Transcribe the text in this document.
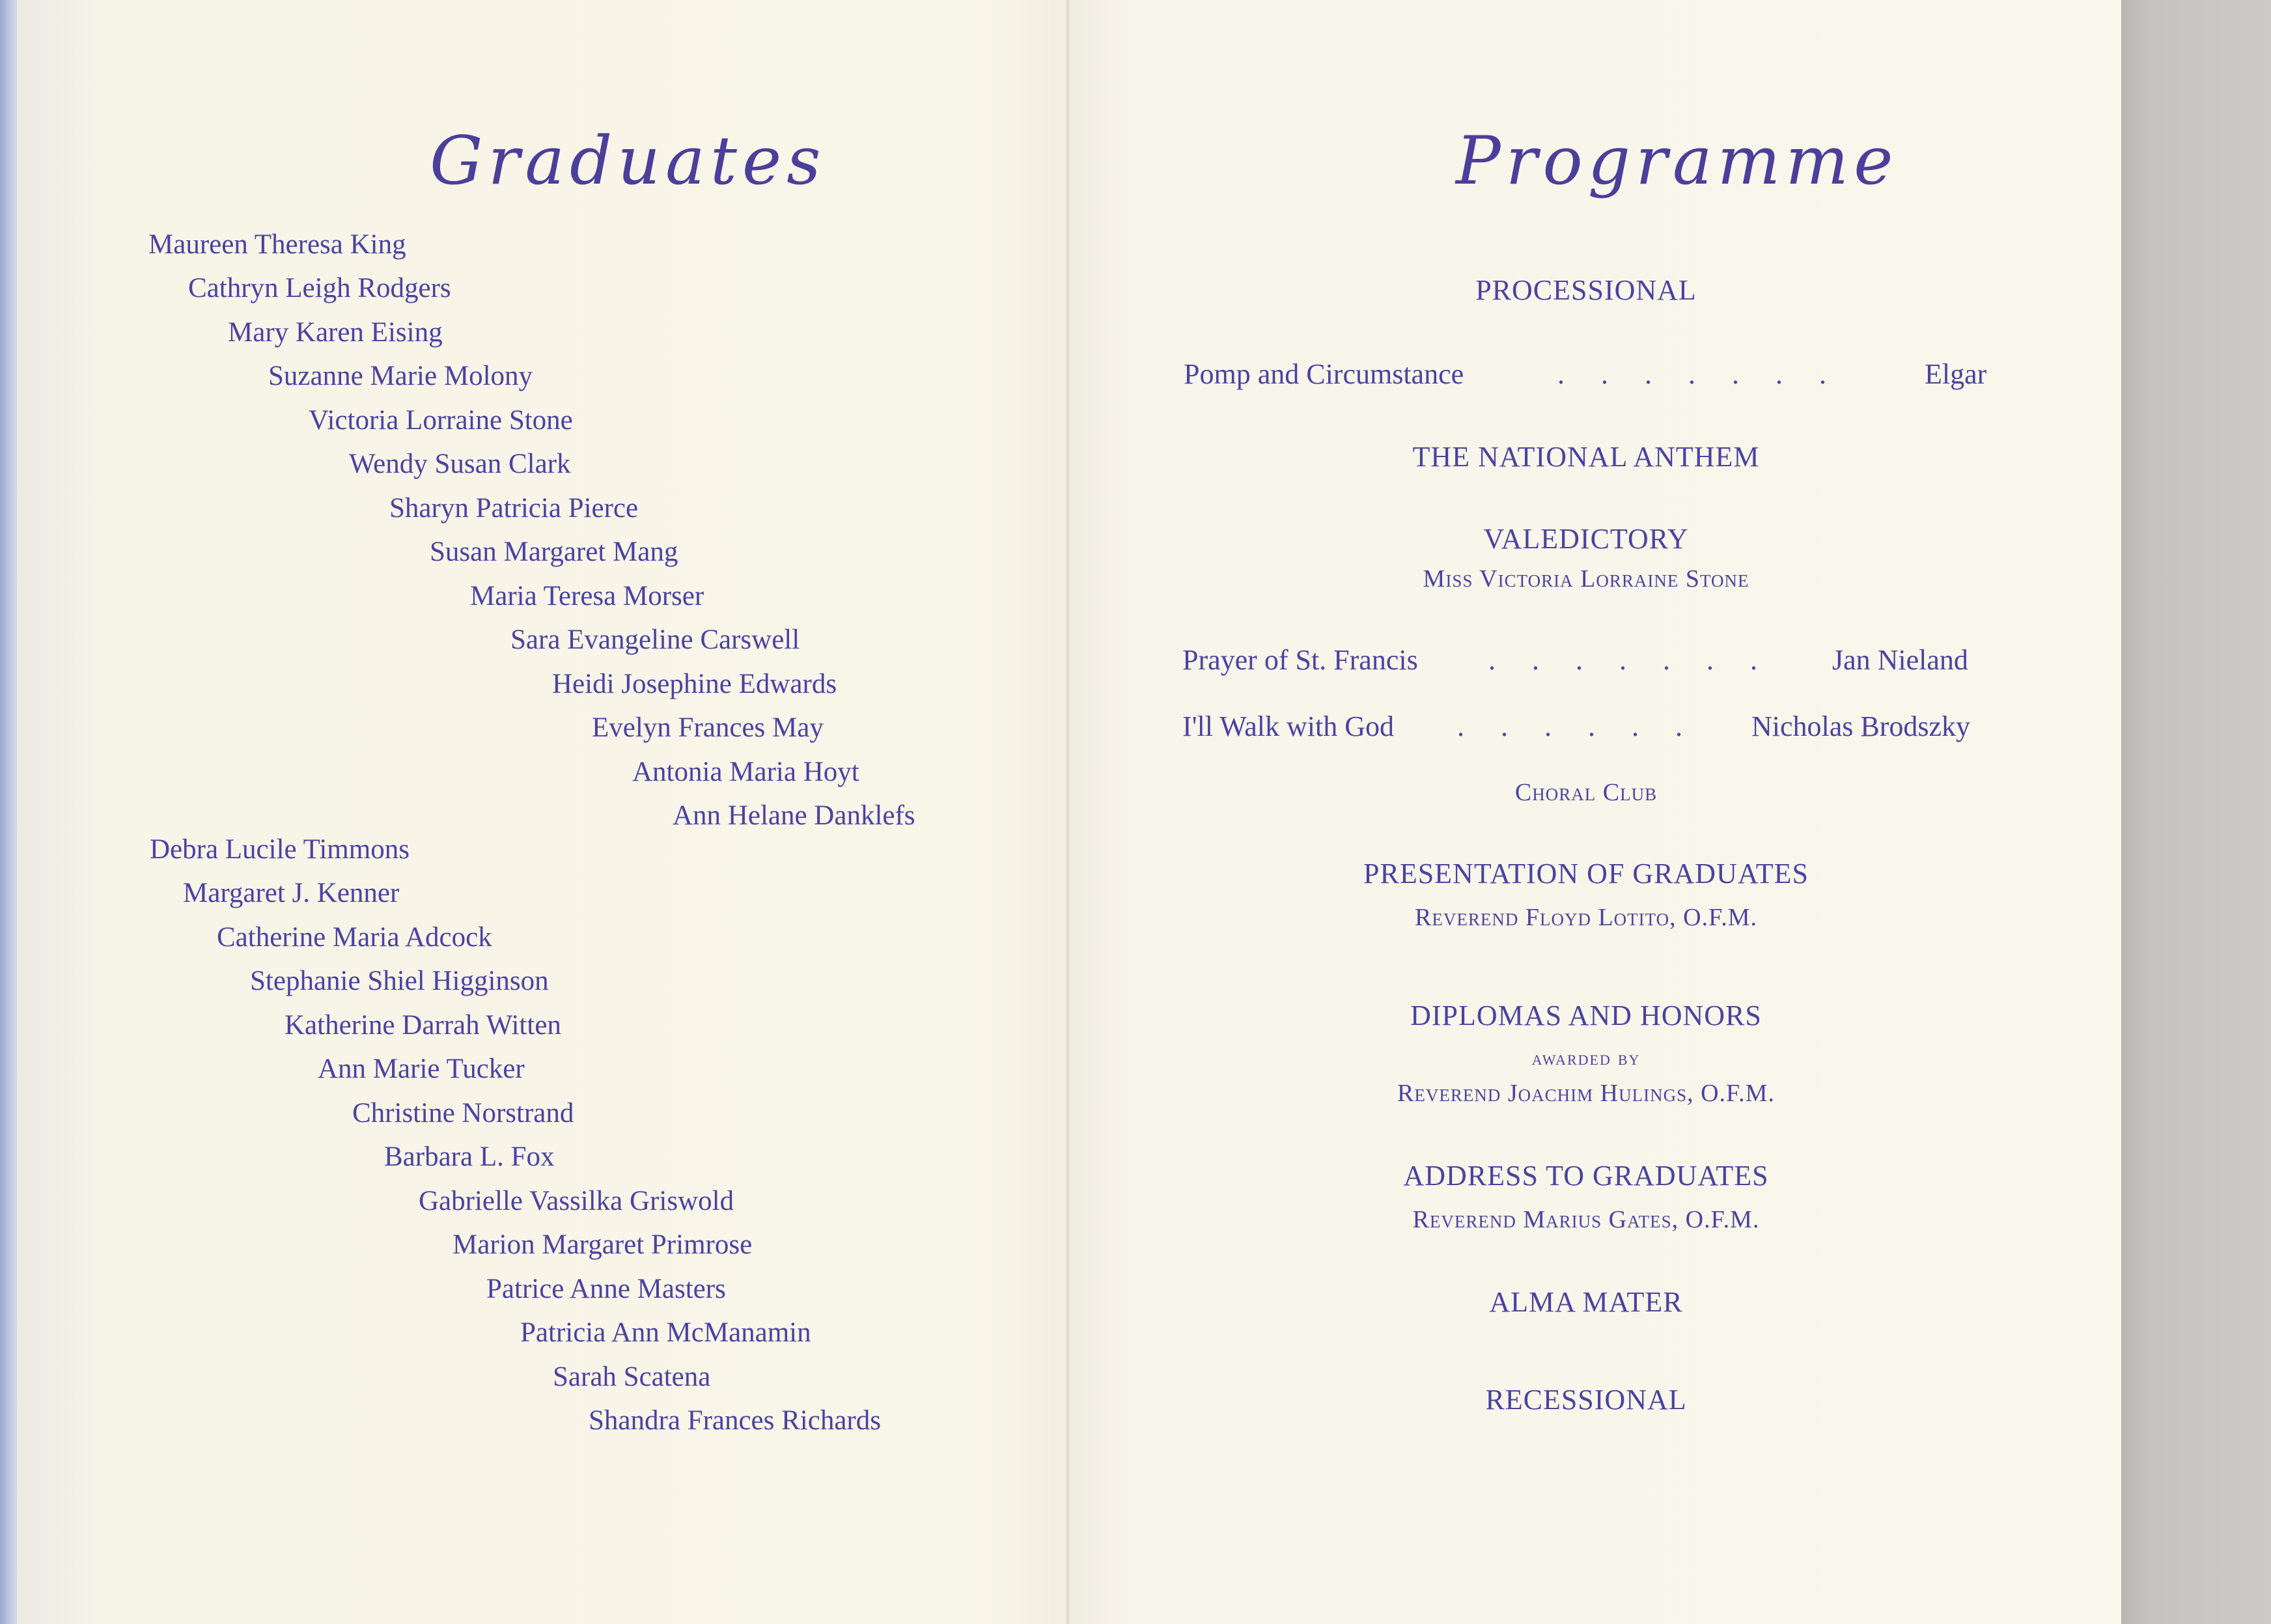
Graduates
Maureen Theresa King
Cathryn Leigh Rodgers
Mary Karen Eising
Suzanne Marie Molony
Victoria Lorraine Stone
Wendy Susan Clark
Sharyn Patricia Pierce
Susan Margaret Mang
Maria Teresa Morser
Sara Evangeline Carswell
Heidi Josephine Edwards
Evelyn Frances May
Antonia Maria Hoyt
Ann Helane Danklefs
Debra Lucile Timmons
Margaret J. Kenner
Catherine Maria Adcock
Stephanie Shiel Higginson
Katherine Darrah Witten
Ann Marie Tucker
Christine Norstrand
Barbara L. Fox
Gabrielle Vassilka Griswold
Marion Margaret Primrose
Patrice Anne Masters
Patricia Ann McManamin
Sarah Scatena
Shandra Frances Richards
Programme
PROCESSIONAL
Pomp and Circumstance	....... Elgar
THE NATIONAL ANTHEM
VALEDICTORY
Miss Victoria Lorraine Stone
Prayer of St. Francis ....... Jan Nieland
I'll Walk with God ...... Nicholas Brodszky
Choral Club
PRESENTATION OF GRADUATES
Reverend Floyd Lotito, O.F.M.
DIPLOMAS AND HONORS
awarded by
Reverend Joachim Hulings, O.F.M.
ADDRESS TO GRADUATES
Reverend Marius Gates, O.F.M.
ALMA MATER
RECESSIONAL
